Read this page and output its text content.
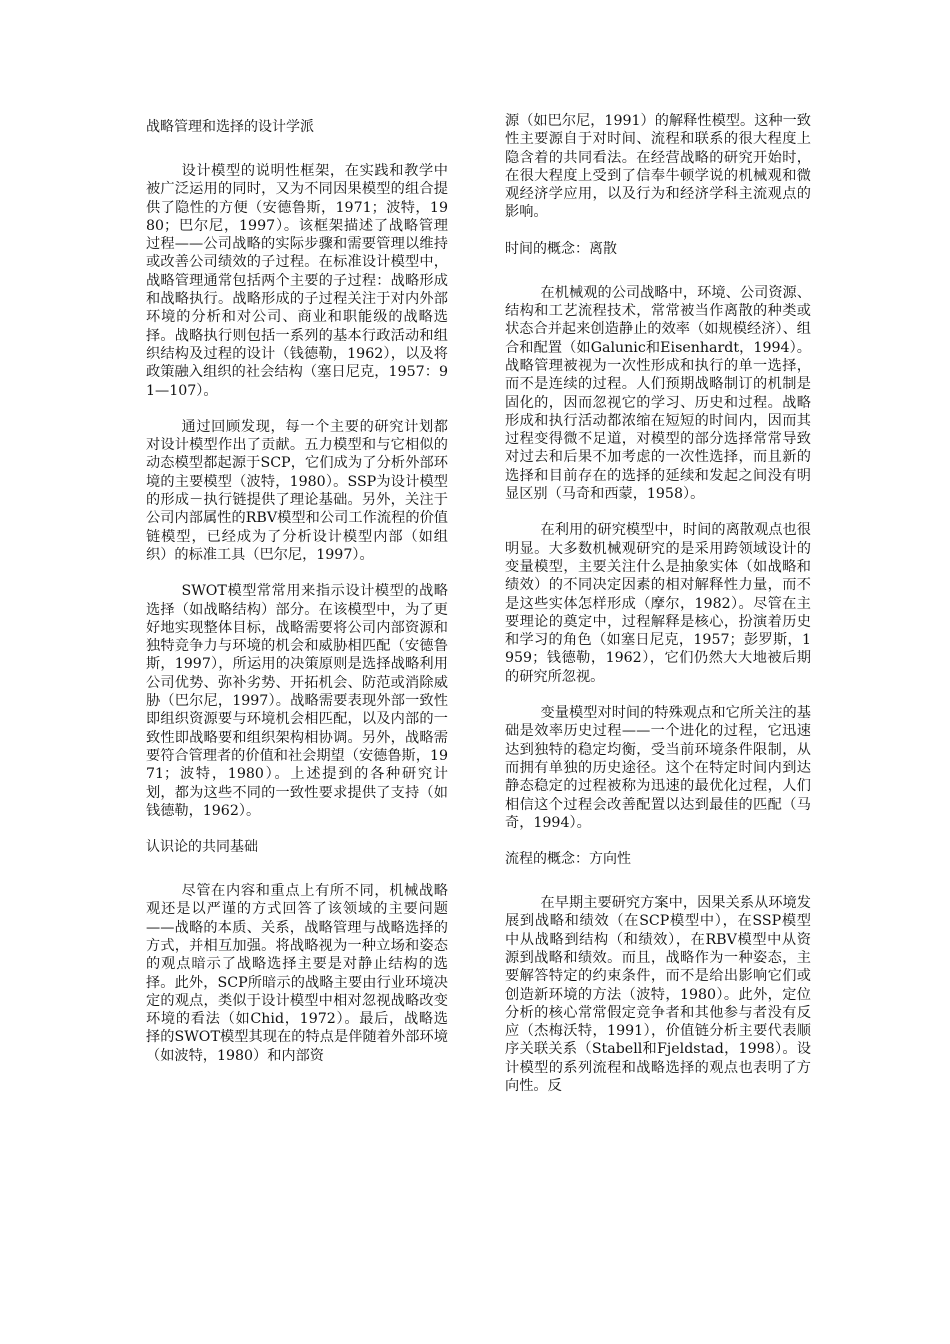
战略管理和选择的设计学派

设计模型的说明性框架，在实践和教学中被广泛运用的同时，又为不同因果模型的组合提供了隐性的方便（安德鲁斯，1971；波特，1980；巴尔尼，1997）。该框架描述了战略管理过程——公司战略的实际步骤和需要管理以维持或改善公司绩效的子过程。在标准设计模型中，战略管理通常包括两个主要的子过程：战略形成和战略执行。战略形成的子过程关注于对内外部环境的分析和对公司、商业和职能级的战略选择。战略执行则包括一系列的基本行政活动和组织结构及过程的设计（钱德勒，1962），以及将政策融入组织的社会结构（塞日尼克，1957：91—107）。

通过回顾发现，每一个主要的研究计划都对设计模型作出了贡献。五力模型和与它相似的动态模型都起源于SCP，它们成为了分析外部环境的主要模型（波特，1980）。SSP为设计模型的形成－执行链提供了理论基础。另外，关注于公司内部属性的RBV模型和公司工作流程的价值链模型，已经成为了分析设计模型内部（如组织）的标准工具（巴尔尼，1997）。

SWOT模型常常用来指示设计模型的战略选择（如战略结构）部分。在该模型中，为了更好地实现整体目标，战略需要将公司内部资源和独特竞争力与环境的机会和威胁相匹配（安德鲁斯，1997），所运用的决策原则是选择战略利用公司优势、弥补劣势、开拓机会、防范或消除威胁（巴尔尼，1997）。战略需要表现外部一致性即组织资源要与环境机会相匹配，以及内部的一致性即战略要和组织架构相协调。另外，战略需要符合管理者的价值和社会期望（安德鲁斯，1971；波特，1980）。上述提到的各种研究计划，都为这些不同的一致性要求提供了支持（如钱德勒，1962）。

认识论的共同基础

尽管在内容和重点上有所不同，机械战略观还是以严谨的方式回答了该领域的主要问题——战略的本质、关系，战略管理与战略选择的方式，并相互加强。将战略视为一种立场和姿态的观点暗示了战略选择主要是对静止结构的选择。此外，SCP所暗示的战略主要由行业环境决定的观点，类似于设计模型中相对忽视战略改变环境的看法（如Chid，1972）。最后，战略选择的SWOT模型其现在的特点是伴随着外部环境（如波特，1980）和内部资

源（如巴尔尼，1991）的解释性模型。这种一致性主要源自于对时间、流程和联系的很大程度上隐含着的共同看法。在经营战略的研究开始时，在很大程度上受到了信奉牛顿学说的机械观和微观经济学应用，以及行为和经济学科主流观点的影响。

时间的概念：离散

在机械观的公司战略中，环境、公司资源、结构和工艺流程技术，常常被当作离散的种类或状态合并起来创造静止的效率（如规模经济）、组合和配置（如Galunic和Eisenhardt，1994）。战略管理被视为一次性形成和执行的单一选择，而不是连续的过程。人们预期战略制订的机制是固化的，因而忽视它的学习、历史和过程。战略形成和执行活动都浓缩在短短的时间内，因而其过程变得微不足道，对模型的部分选择常常导致对过去和后果不加考虑的一次性选择，而且新的选择和目前存在的选择的延续和发起之间没有明显区别（马奇和西蒙，1958）。

在利用的研究模型中，时间的离散观点也很明显。大多数机械观研究的是采用跨领域设计的变量模型，主要关注什么是抽象实体（如战略和绩效）的不同决定因素的相对解释性力量，而不是这些实体怎样形成（摩尔，1982）。尽管在主要理论的奠定中，过程解释是核心，扮演着历史和学习的角色（如塞日尼克，1957；彭罗斯，1959；钱德勒，1962），它们仍然大大地被后期的研究所忽视。

变量模型对时间的特殊观点和它所关注的基础是效率历史过程——一个进化的过程，它迅速达到独特的稳定均衡，受当前环境条件限制，从而拥有单独的历史途径。这个在特定时间内到达静态稳定的过程被称为迅速的最优化过程，人们相信这个过程会改善配置以达到最佳的匹配（马奇，1994）。

流程的概念：方向性

在早期主要研究方案中，因果关系从环境发展到战略和绩效（在SCP模型中），在SSP模型中从战略到结构（和绩效），在RBV模型中从资源到战略和绩效。而且，战略作为一种姿态，主要解答特定的约束条件，而不是给出影响它们或创造新环境的方法（波特，1980）。此外，定位分析的核心常常假定竞争者和其他参与者没有反应（杰梅沃特，1991），价值链分析主要代表顺序关联关系（Stabell和Fjeldstad，1998）。设计模型的系列流程和战略选择的观点也表明了方向性。反
